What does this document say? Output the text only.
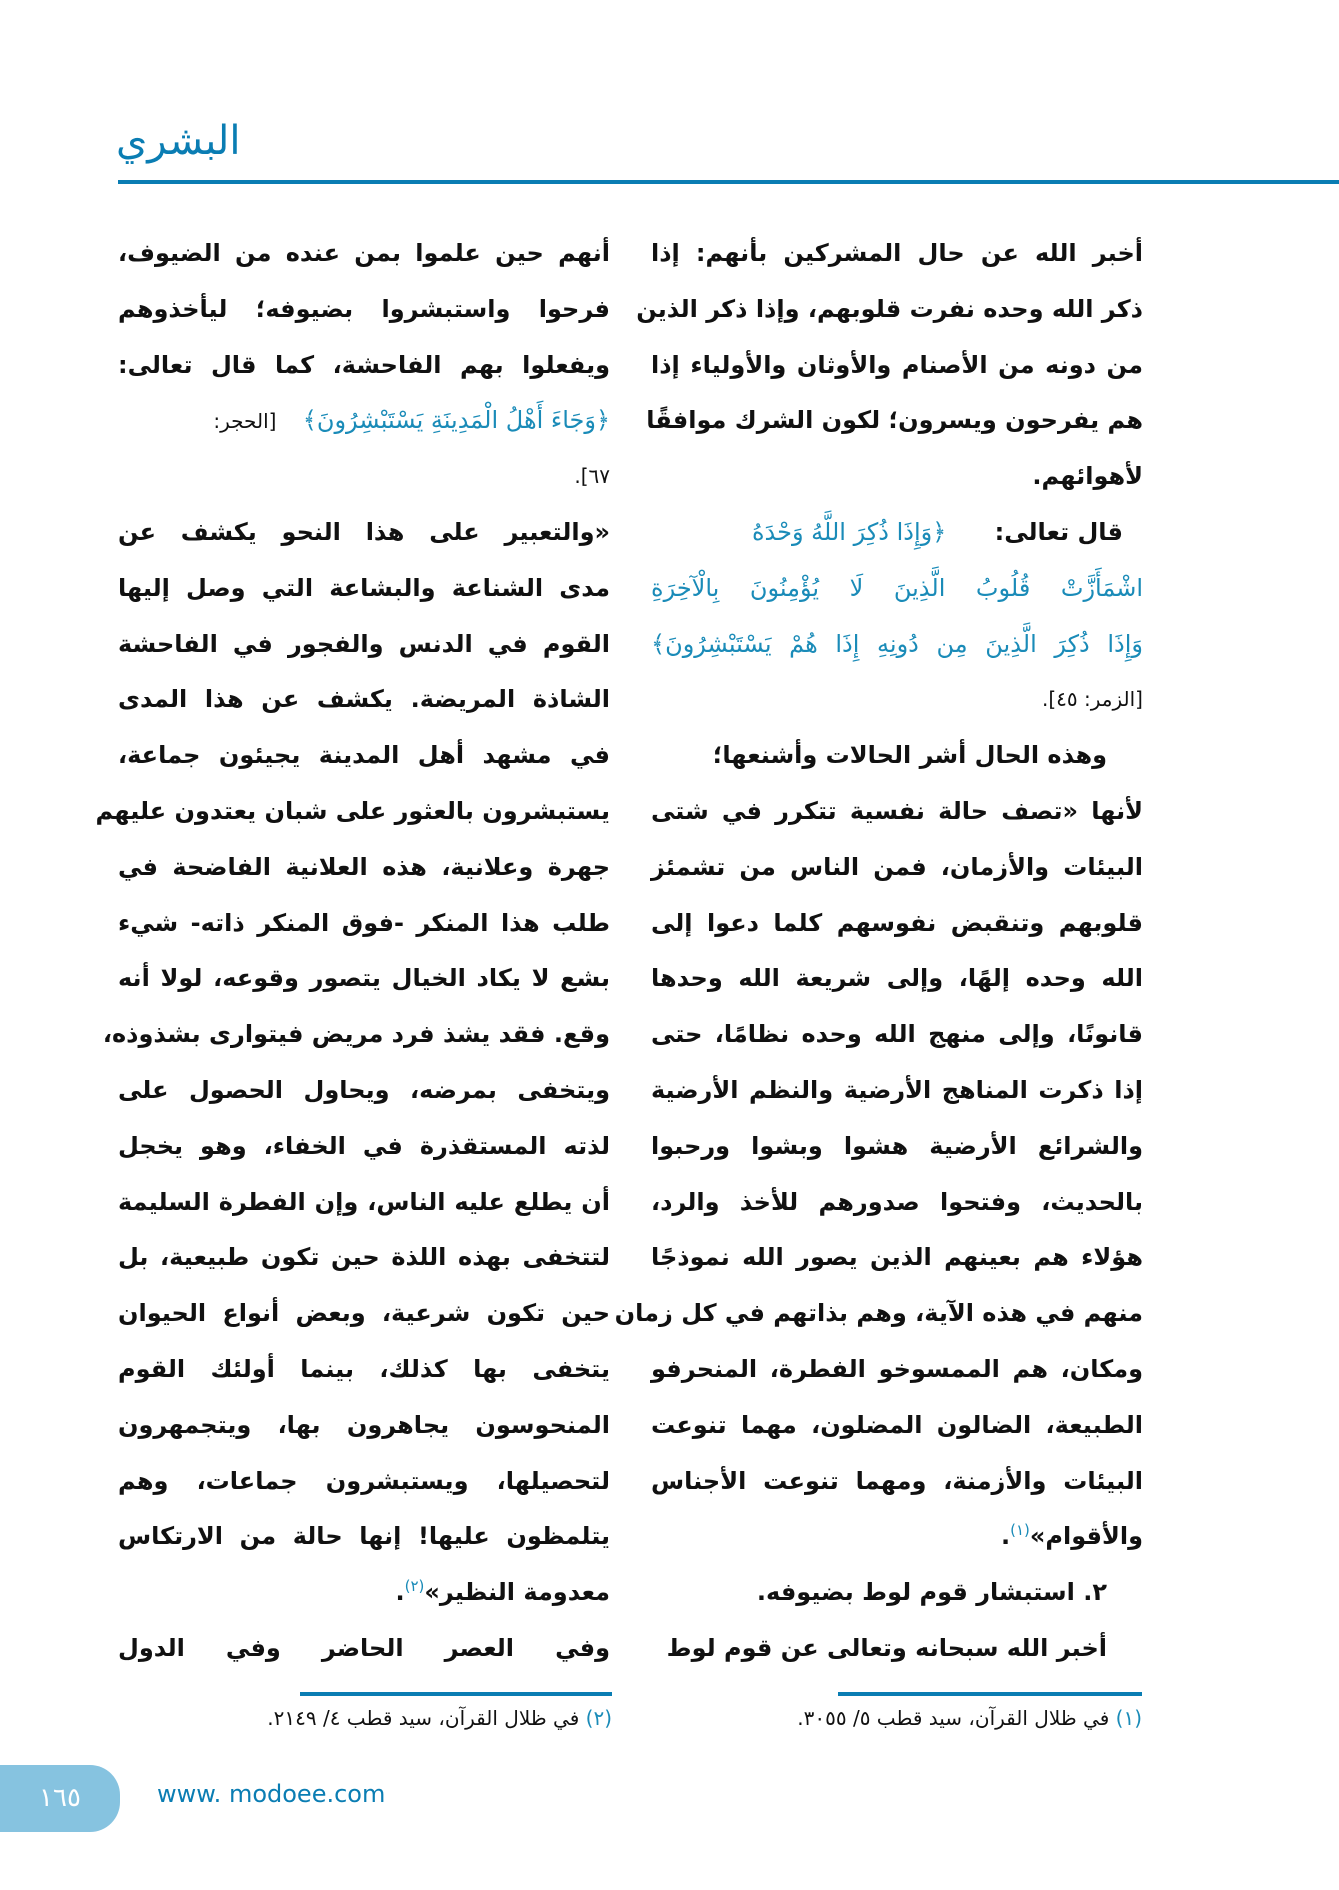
البشري
أخبر الله عن حال المشركين بأنهم: إذا
ذكر الله وحده نفرت قلوبهم، وإذا ذكر الذين
من دونه من الأصنام والأوثان والأولياء إذا
هم يفرحون ويسرون؛ لكون الشرك موافقًا
لأهوائهم.
قال تعالى: ﴿وَإِذَا ذُكِرَ اللَّهُ وَحْدَهُ
اشْمَأَزَّتْ قُلُوبُ الَّذِينَ لَا يُؤْمِنُونَ بِالْآخِرَةِ
وَإِذَا ذُكِرَ الَّذِينَ مِن دُونِهِ إِذَا هُمْ يَسْتَبْشِرُونَ﴾
[الزمر: ٤٥].
وهذه الحال أشر الحالات وأشنعها؛
لأنها «تصف حالة نفسية تتكرر في شتى
البيئات والأزمان، فمن الناس من تشمئز
قلوبهم وتنقبض نفوسهم كلما دعوا إلى
الله وحده إلهًا، وإلى شريعة الله وحدها
قانونًا، وإلى منهج الله وحده نظامًا، حتى
إذا ذكرت المناهج الأرضية والنظم الأرضية
والشرائع الأرضية هشوا وبشوا ورحبوا
بالحديث، وفتحوا صدورهم للأخذ والرد،
هؤلاء هم بعينهم الذين يصور الله نموذجًا
منهم في هذه الآية، وهم بذاتهم في كل زمان
ومكان، هم الممسوخو الفطرة، المنحرفو
الطبيعة، الضالون المضلون، مهما تنوعت
البيئات والأزمنة، ومهما تنوعت الأجناس
والأقوام»$^{(١)}$.
٢. استبشار قوم لوط بضيوفه.
أخبر الله سبحانه وتعالى عن قوم لوط
أنهم حين علموا بمن عنده من الضيوف،
فرحوا واستبشروا بضيوفه؛ ليأخذوهم
ويفعلوا بهم الفاحشة، كما قال تعالى:
﴿وَجَاءَ أَهْلُ الْمَدِينَةِ يَسْتَبْشِرُونَ﴾ [الحجر:
٦٧].
«والتعبير على هذا النحو يكشف عن
مدى الشناعة والبشاعة التي وصل إليها
القوم في الدنس والفجور في الفاحشة
الشاذة المريضة. يكشف عن هذا المدى
في مشهد أهل المدينة يجيئون جماعة،
يستبشرون بالعثور على شبان يعتدون عليهم
جهرة وعلانية، هذه العلانية الفاضحة في
طلب هذا المنكر -فوق المنكر ذاته- شيء
بشع لا يكاد الخيال يتصور وقوعه، لولا أنه
وقع. فقد يشذ فرد مريض فيتوارى بشذوذه،
ويتخفى بمرضه، ويحاول الحصول على
لذته المستقذرة في الخفاء، وهو يخجل
أن يطلع عليه الناس، وإن الفطرة السليمة
لتتخفى بهذه اللذة حين تكون طبيعية، بل
حين تكون شرعية، وبعض أنواع الحيوان
يتخفى بها كذلك، بينما أولئك القوم
المنحوسون يجاهرون بها، ويتجمهرون
لتحصيلها، ويستبشرون جماعات، وهم
يتلمظون عليها! إنها حالة من الارتكاس
معدومة النظير»$^{(٢)}$.
وفي العصر الحاضر وفي الدول
(١) في ظلال القرآن، سيد قطب ٥/ ٣٠٥٥.
(٢) في ظلال القرآن، سيد قطب ٤/ ٢١٤٩.
١٦٥	www. modoee.com
